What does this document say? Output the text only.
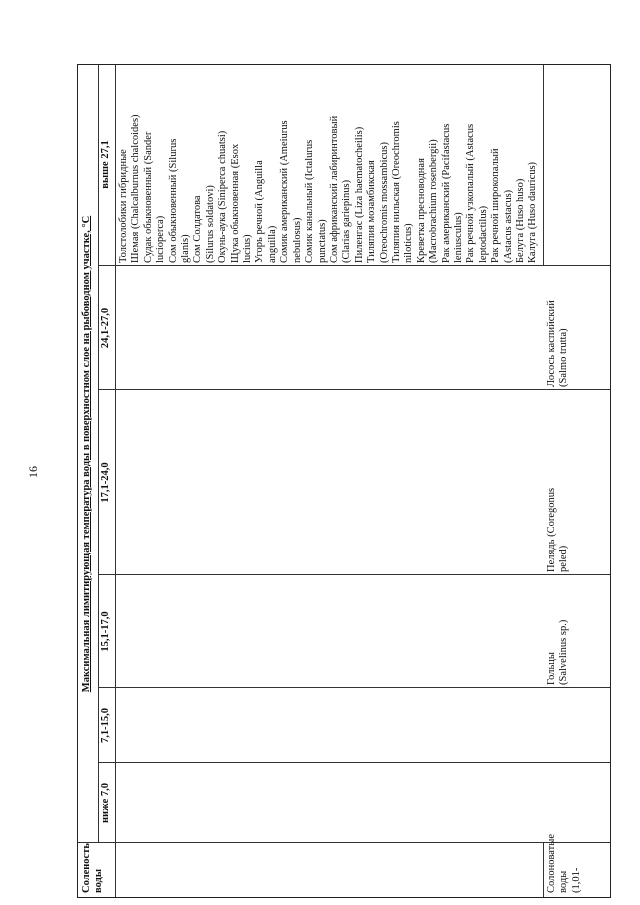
16
Соленость воды
Максимальная лимитирующая температура воды в поверхностном слое на рыбоводном участке, °C
ниже 7,0
7,1-15,0
15,1-17,0
17,1-24,0
24,1-27,0
выше 27,1
Солоноватые воды (1,01-
Гольцы (Salvelinus sp.)
Пелядь (Coregonus peled)
Лосось каспийский (Salmo trutta)
Толстолобики гибридные Шемая (Chalcalburnus chalcoides) Судак обыкновенный (Sander lucioperca) Сом обыкновенный (Silurus glanis) Сом Солдатова (Silurus soldatovi) Окунь-аука (Siniperca chuatsi) Щука обыкновенная (Esox lucius) Угорь речной (Anguilla anguilla) Сомик американский (Ameiurus nebulosus) Сомик канальный (Ictalurus punctatus) Сом африканский лабиринтовый (Clarias gariepinus) Пиленгас (Liza haematocheilis) Тиляпия мозамбикская (Oreochromis mossambicus) Тиляпия нильская (Oreochromis niloticus) Креветка пресноводная (Macrobrachium rosenbergii) Рак американский (Pacifastacus leniusculus) Рак речной узкопалый (Astacus leptodactilus) Рак речной широкопалый (Astacus astacus) Белуга (Huso huso) Калуга (Huso dauricus)
